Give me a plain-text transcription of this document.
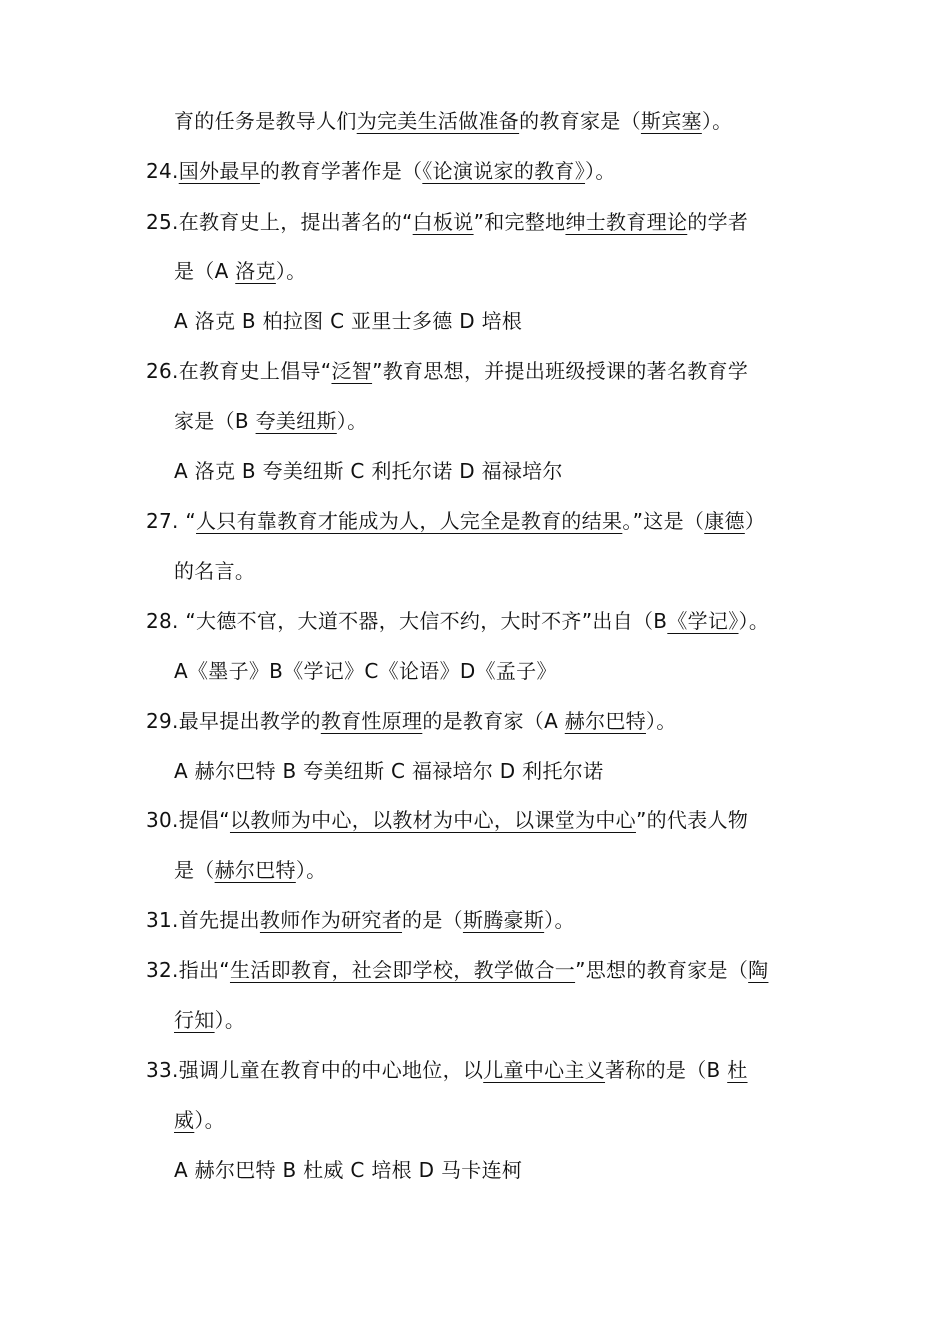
育的任务是教导人们为完美生活做准备的教育家是（斯宾塞）。
24.国外最早的教育学著作是（《论演说家的教育》）。
25.在教育史上，提出著名的“白板说”和完整地绅士教育理论的学者
是（A 洛克）。
A 洛克 B 柏拉图 C 亚里士多德 D 培根
26.在教育史上倡导“泛智”教育思想，并提出班级授课的著名教育学
家是（B 夸美纽斯）。
A 洛克 B 夸美纽斯 C 利托尔诺 D 福禄培尔
27. “人只有靠教育才能成为人，人完全是教育的结果。”这是（康德）
的名言。
28. “大德不官，大道不器，大信不约，大时不齐”出自（B《学记》）。
A《墨子》B《学记》C《论语》D《孟子》
29.最早提出教学的教育性原理的是教育家（A 赫尔巴特）。
A 赫尔巴特 B 夸美纽斯 C 福禄培尔 D 利托尔诺
30.提倡“以教师为中心，以教材为中心，以课堂为中心”的代表人物
是（赫尔巴特）。
31.首先提出教师作为研究者的是（斯腾豪斯）。
32.指出“生活即教育，社会即学校，教学做合一”思想的教育家是（陶
行知）。
33.强调儿童在教育中的中心地位，以儿童中心主义著称的是（B 杜
威）。
A 赫尔巴特 B 杜威 C 培根 D 马卡连柯
